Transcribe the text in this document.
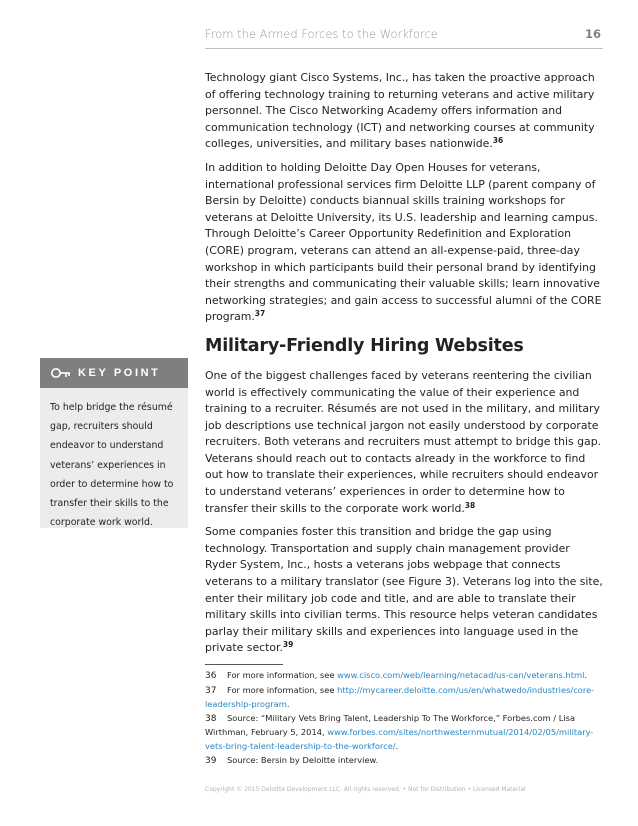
From the Armed Forces to the Workforce	16
KEY POINT
To help bridge the résumé gap, recruiters should endeavor to understand veterans’ experiences in order to determine how to transfer their skills to the corporate work world.

Technology giant Cisco Systems, Inc., has taken the proactive approach of offering technology training to returning veterans and active military personnel. The Cisco Networking Academy offers information and communication technology (ICT) and networking courses at community colleges, universities, and military bases nationwide.$^{36}$

In addition to holding Deloitte Day Open Houses for veterans, international professional services firm Deloitte LLP (parent company of Bersin by Deloitte) conducts biannual skills training workshops for veterans at Deloitte University, its U.S. leadership and learning campus. Through Deloitte’s Career Opportunity Redefinition and Exploration (CORE) program, veterans can attend an all-expense-paid, three-day workshop in which participants build their personal brand by identifying their strengths and communicating their valuable skills; learn innovative networking strategies; and gain access to successful alumni of the CORE program.$^{37}$

Military-Friendly Hiring Websites

One of the biggest challenges faced by veterans reentering the civilian world is effectively communicating the value of their experience and training to a recruiter. Résumés are not used in the military, and military job descriptions use technical jargon not easily understood by corporate recruiters. Both veterans and recruiters must attempt to bridge this gap. Veterans should reach out to contacts already in the workforce to find out how to translate their experiences, while recruiters should endeavor to understand veterans’ experiences in order to determine how to transfer their skills to the corporate work world.$^{38}$

Some companies foster this transition and bridge the gap using technology. Transportation and supply chain management provider Ryder System, Inc., hosts a veterans jobs webpage that connects veterans to a military translator (see Figure 3). Veterans log into the site, enter their military job code and title, and are able to translate their military skills into civilian terms. This resource helps veteran candidates parlay their military skills and experiences into language used in the private sector.$^{39}$

36 For more information, see www.cisco.com/web/learning/netacad/us-can/veterans.html.
37 For more information, see http://mycareer.deloitte.com/us/en/whatwedo/industries/core-leadership-program.
38 Source: “Military Vets Bring Talent, Leadership To The Workforce,” Forbes.com / Lisa Wirthman, February 5, 2014, www.forbes.com/sites/northwesternmutual/2014/02/05/military-vets-bring-talent-leadership-to-the-workforce/.
39 Source: Bersin by Deloitte interview.
Copyright © 2015 Deloitte Development LLC. All rights reserved. • Not for Distribution • Licensed Material
